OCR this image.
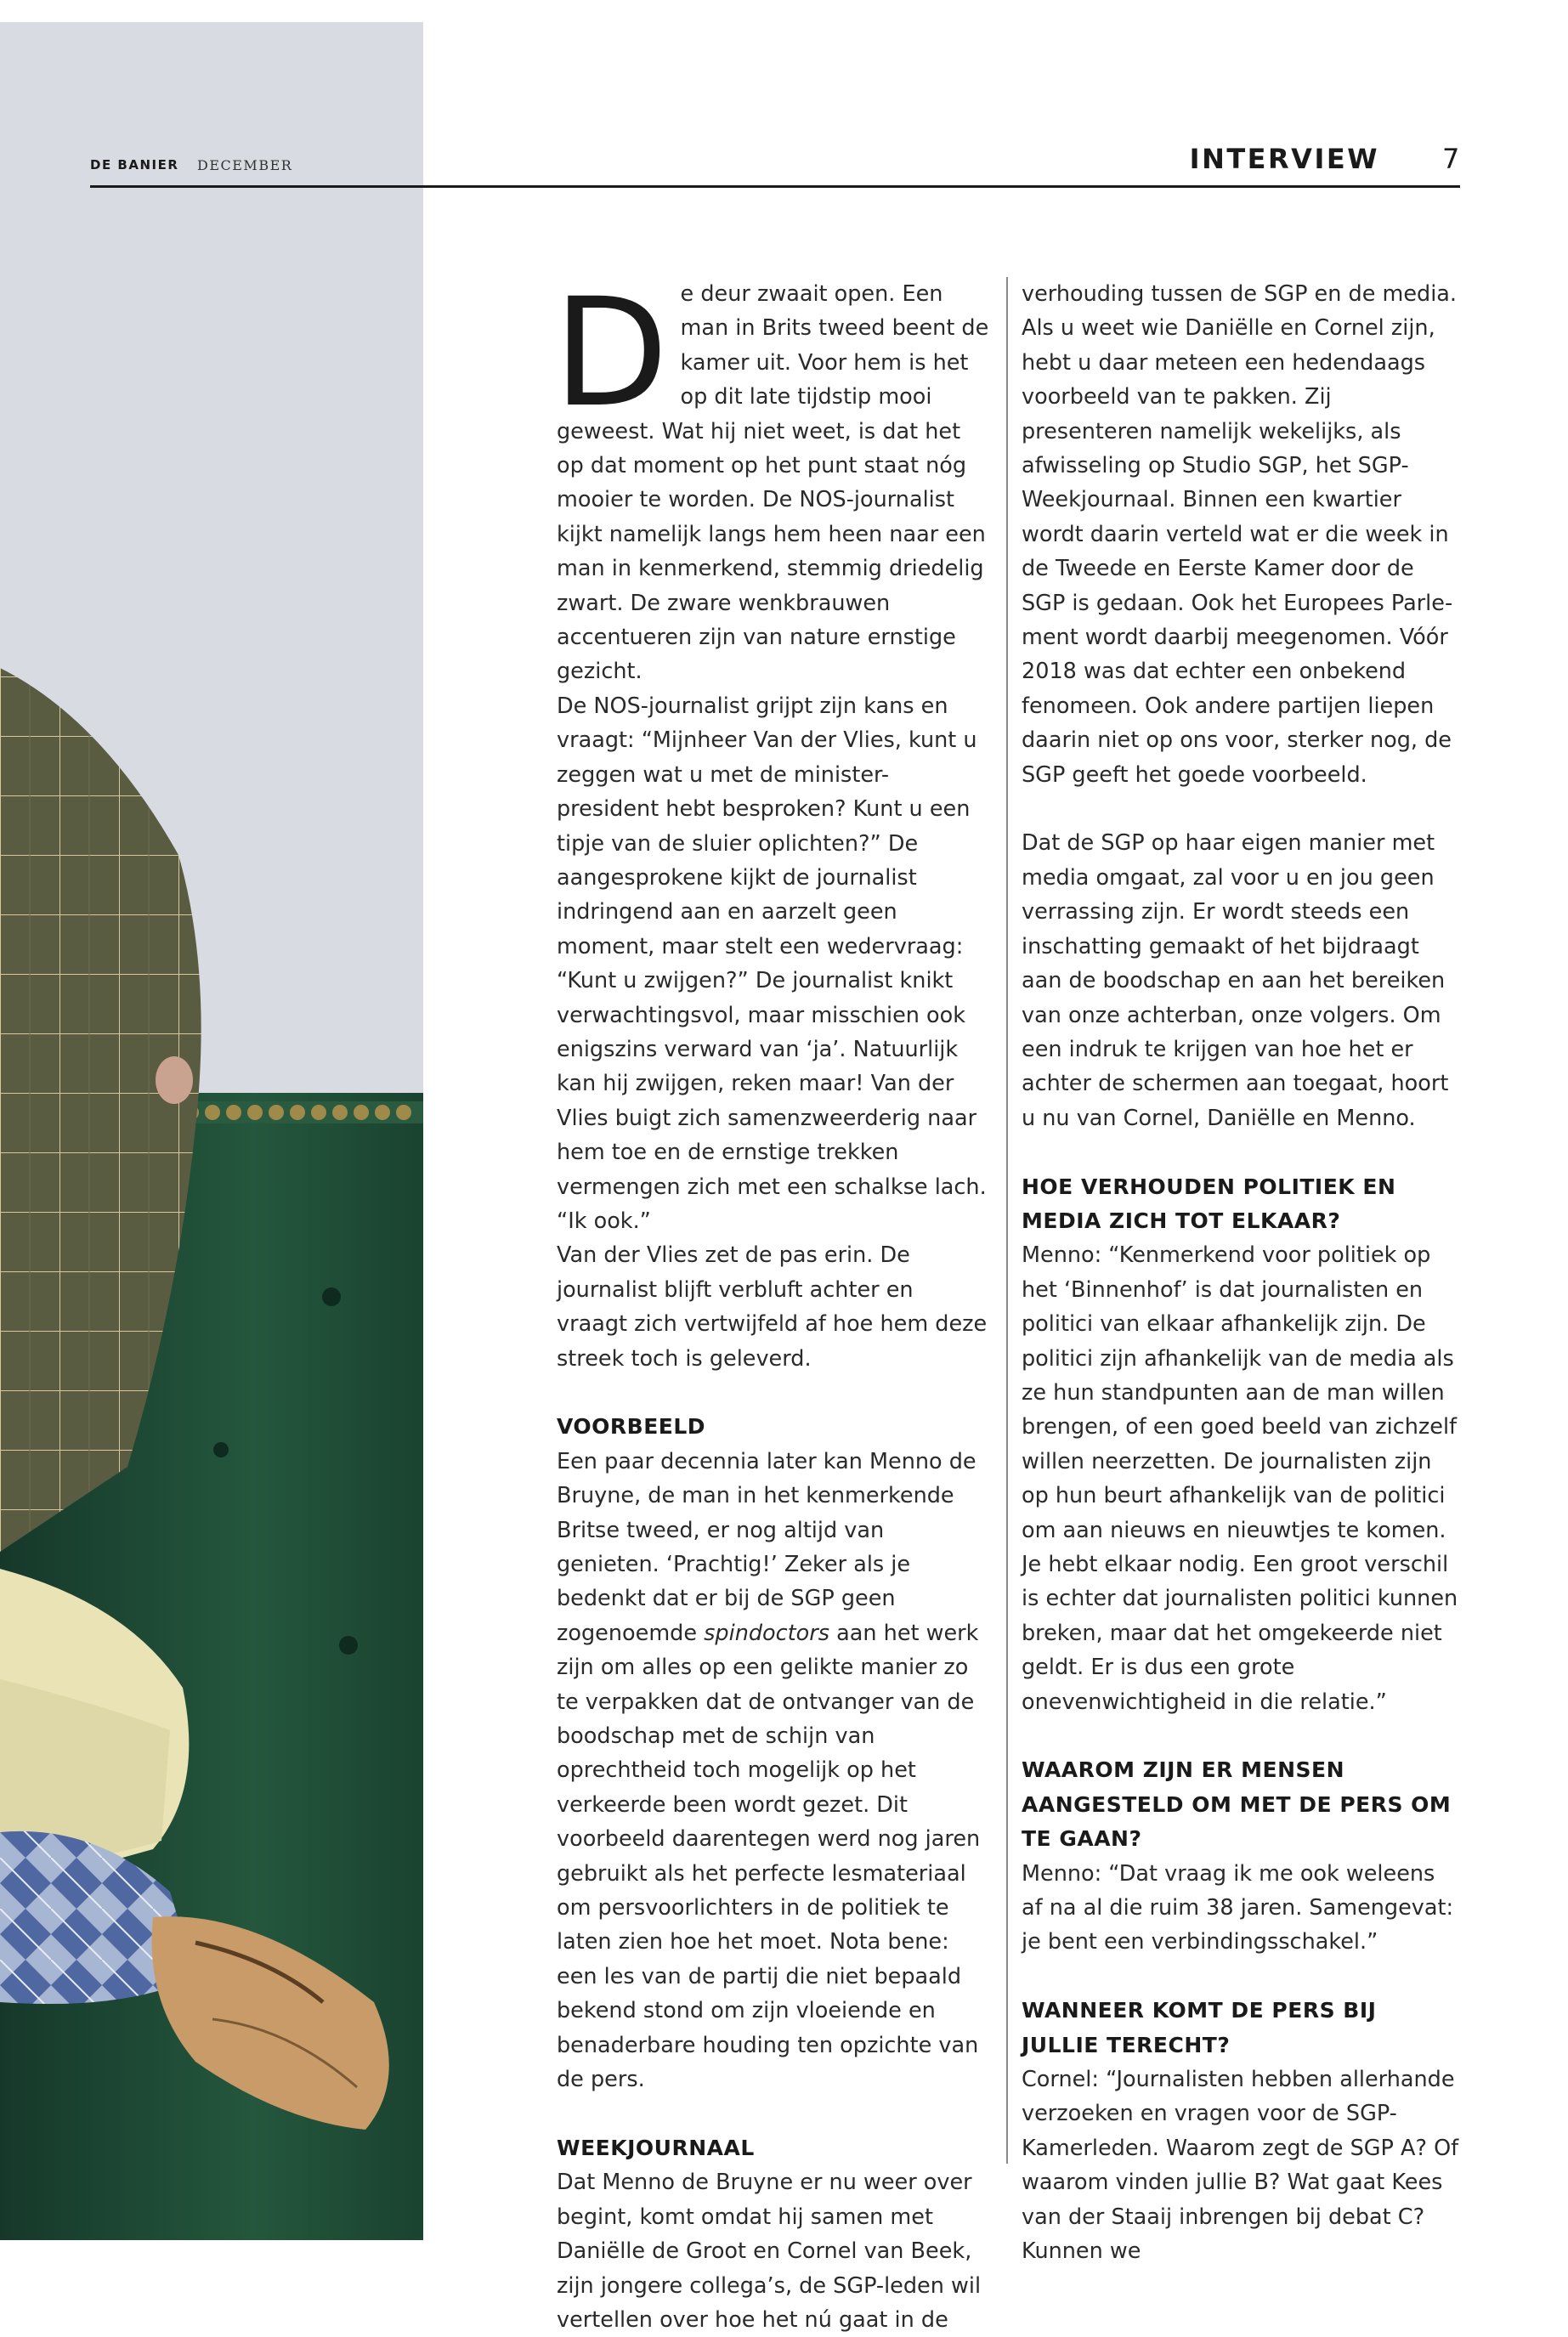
DE BANIER DECEMBER	INTERVIEW 7

De deur zwaait open. Een man in Brits tweed beent de kamer uit. Voor hem is het op dit late tijdstip mooi geweest. Wat hij niet weet, is dat het op dat moment op het punt staat nóg mooier te worden. De NOS-journalist kijkt namelijk langs hem heen naar een man in kenmerkend, stemmig driedelig zwart. De zware wenkbrauwen accentueren zijn van nature ernstige gezicht.

De NOS-journalist grijpt zijn kans en vraagt: “Mijnheer Van der Vlies, kunt u zeggen wat u met de minister-president hebt besproken? Kunt u een tipje van de sluier oplichten?” De aangesprokene kijkt de journalist indringend aan en aarzelt geen moment, maar stelt een wedervraag: “Kunt u zwijgen?” De journalist knikt verwachtingsvol, maar misschien ook enigszins verward van ‘ja’. Natuurlijk kan hij zwijgen, reken maar! Van der Vlies buigt zich samenzweerderig naar hem toe en de ernstige trekken vermengen zich met een schalkse lach. “Ik ook.”

Van der Vlies zet de pas erin. De journalist blijft verbluft achter en vraagt zich vertwijfeld af hoe hem deze streek toch is geleverd.

VOORBEELD

Een paar decennia later kan Menno de Bruyne, de man in het kenmerkende Britse tweed, er nog altijd van genieten. ‘Prachtig!’ Zeker als je bedenkt dat er bij de SGP geen zogenoemde spindoctors aan het werk zijn om alles op een gelikte manier zo te verpakken dat de ontvanger van de boodschap met de schijn van oprechtheid toch mogelijk op het verkeerde been wordt gezet. Dit voorbeeld daarentegen werd nog jaren gebruikt als het perfecte lesmateriaal om persvoorlichters in de politiek te laten zien hoe het moet. Nota bene: een les van de partij die niet bepaald bekend stond om zijn vloeiende en benaderbare houding ten opzichte van de pers.

WEEKJOURNAAL

Dat Menno de Bruyne er nu weer over begint, komt omdat hij samen met Daniëlle de Groot en Cornel van Beek, zijn jongere collega’s, de SGP-leden wil vertellen over hoe het nú gaat in de

verhouding tussen de SGP en de media. Als u weet wie Daniëlle en Cornel zijn, hebt u daar meteen een hedendaags voorbeeld van te pakken. Zij presenteren namelijk wekelijks, als afwisseling op Studio SGP, het SGP-Weekjournaal. Binnen een kwartier wordt daarin verteld wat er die week in de Tweede en Eerste Kamer door de SGP is gedaan. Ook het Europees Parlement wordt daarbij meegenomen. Vóór 2018 was dat echter een onbekend fenomeen. Ook andere partijen liepen daarin niet op ons voor, sterker nog, de SGP geeft het goede voorbeeld.

Dat de SGP op haar eigen manier met media omgaat, zal voor u en jou geen verrassing zijn. Er wordt steeds een inschatting gemaakt of het bijdraagt aan de boodschap en aan het bereiken van onze achterban, onze volgers. Om een indruk te krijgen van hoe het er achter de schermen aan toegaat, hoort u nu van Cornel, Daniëlle en Menno.

HOE VERHOUDEN POLITIEK EN MEDIA ZICH TOT ELKAAR?

Menno: “Kenmerkend voor politiek op het ‘Binnenhof’ is dat journalisten en politici van elkaar afhankelijk zijn. De politici zijn afhankelijk van de media als ze hun standpunten aan de man willen brengen, of een goed beeld van zichzelf willen neerzetten. De journalisten zijn op hun beurt afhankelijk van de politici om aan nieuws en nieuwtjes te komen. Je hebt elkaar nodig. Een groot verschil is echter dat journalisten politici kunnen breken, maar dat het omgekeerde niet geldt. Er is dus een grote onevenwichtigheid in die relatie.”

WAAROM ZIJN ER MENSEN AANGESTELD OM MET DE PERS OM TE GAAN?

Menno: “Dat vraag ik me ook weleens af na al die ruim 38 jaren. Samengevat: je bent een verbindingsschakel.”

WANNEER KOMT DE PERS BIJ JULLIE TERECHT?

Cornel: “Journalisten hebben allerhande verzoeken en vragen voor de SGP-Kamerleden. Waarom zegt de SGP A? Of waarom vinden jullie B? Wat gaat Kees van der Staaij inbrengen bij debat C? Kunnen we
